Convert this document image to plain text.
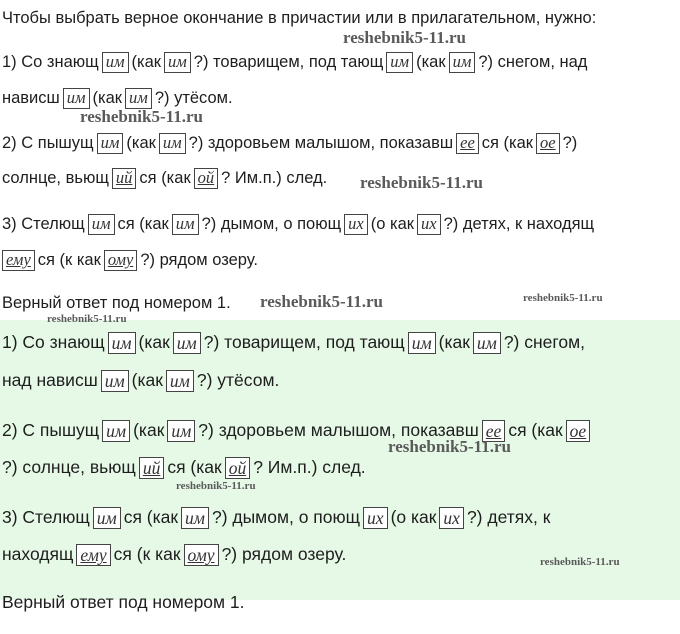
Чтобы выбрать верное окончание в причастии или в прилагательном, нужно:
1) Со знающ им (как им ?) товарищем, под тающ им (как им ?) снегом, над
нависш им (как им ?) утёсом.
2) С пышущ им (как им ?) здоровьем малышом, показавш ее ся (как ое ?)
солнце, вьющ ий ся (как ой ? Им.п.) след.
3) Стелющ им ся (как им ?) дымом, о поющ их (о как их ?) детях, к находящ
ему ся (к как ому ?) рядом озеру.
Верный ответ под номером 1.
1) Со знающ им (как им ?) товарищем, под тающ им (как им ?) снегом,
над нависш им (как им ?) утёсом.
2) С пышущ им (как им ?) здоровьем малышом, показавш ее ся (как ое
?) солнце, вьющ ий ся (как ой ? Им.п.) след.
3) Стелющ им ся (как им ?) дымом, о поющ их (о как их ?) детях, к
находящ ему ся (к как ому ?) рядом озеру.
Верный ответ под номером 1.
reshebnik5-11.ru
reshebnik5-11.ru
reshebnik5-11.ru
reshebnik5-11.ru	reshebnik5-11.ru
reshebnik5-11.ru
reshebnik5-11.ru
reshebnik5-11.ru
reshebnik5-11.ru
